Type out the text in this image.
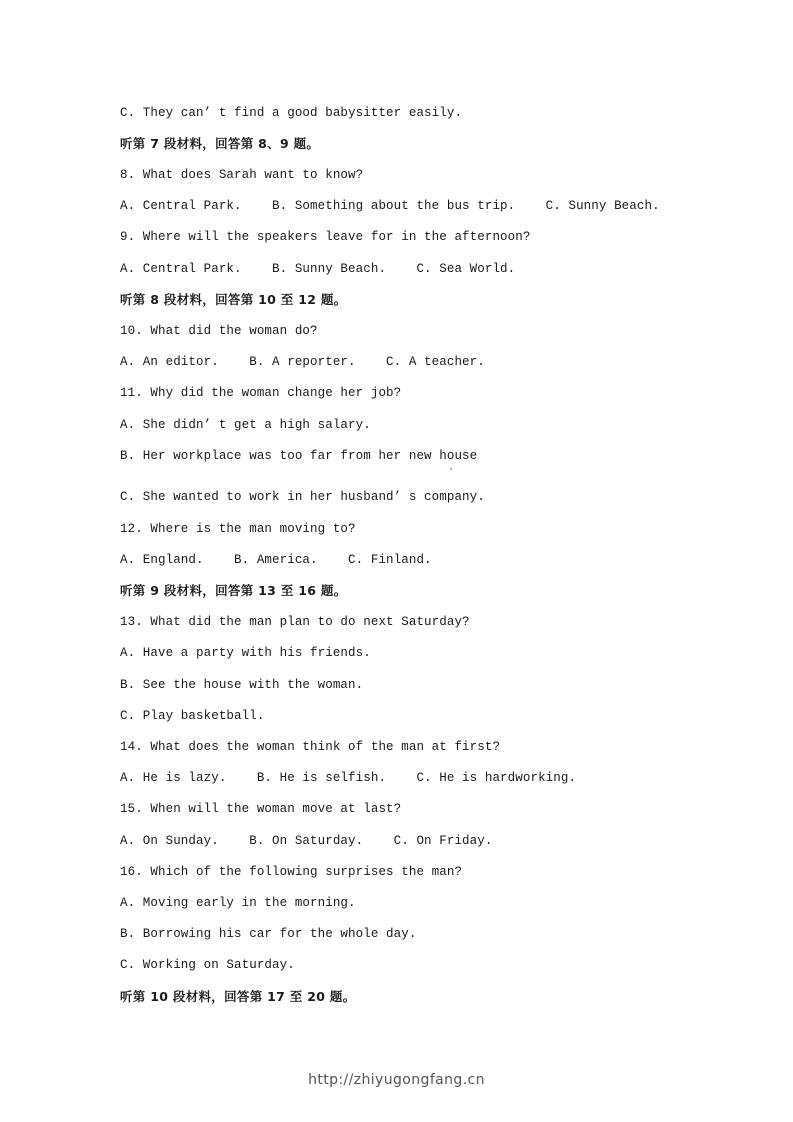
C. They can’ t find a good babysitter easily.
听第 7 段材料，回答第 8、9 题。
8. What does Sarah want to know?
A. Central Park.    B. Something about the bus trip.    C. Sunny Beach.
9. Where will the speakers leave for in the afternoon?
A. Central Park.    B. Sunny Beach.    C. Sea World.
听第 8 段材料，回答第 10 至 12 题。
10. What did the woman do?
A. An editor.    B. A reporter.    C. A teacher.
11. Why did the woman change her job?
A. She didn’ t get a high salary.
B. Her workplace was too far from her new house
C. She wanted to work in her husband’ s company.
12. Where is the man moving to?
A. England.    B. America.    C. Finland.
听第 9 段材料，回答第 13 至 16 题。
13. What did the man plan to do next Saturday?
A. Have a party with his friends.
B. See the house with the woman.
C. Play basketball.
14. What does the woman think of the man at first?
A. He is lazy.    B. He is selfish.    C. He is hardworking.
15. When will the woman move at last?
A. On Sunday.    B. On Saturday.    C. On Friday.
16. Which of the following surprises the man?
A. Moving early in the morning.
B. Borrowing his car for the whole day.
C. Working on Saturday.
听第 10 段材料，回答第 17 至 20 题。
http://zhiyugongfang.cn
